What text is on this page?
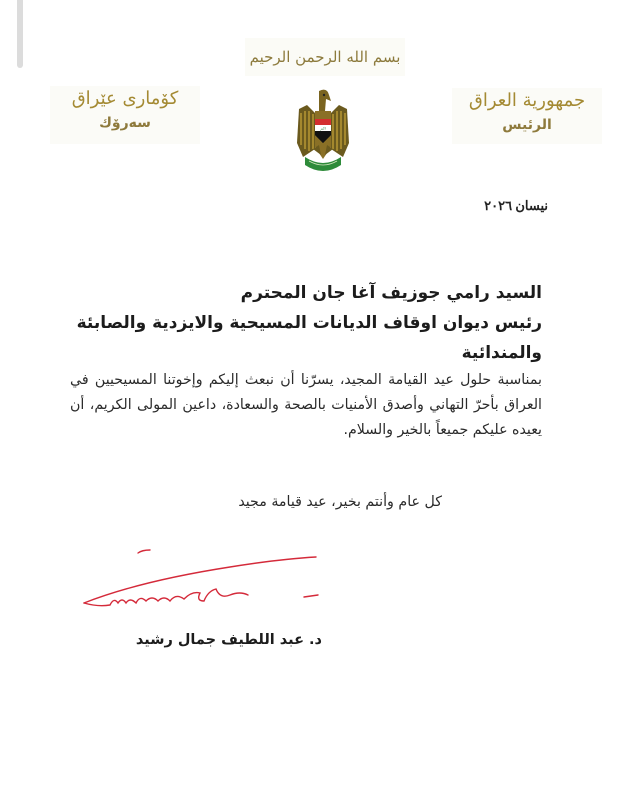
بسم الله الرحمن الرحيم
جمهورية العراق
الرئيس
اكبر
كۆماری عێراق
سەرۆك
نيسان ٢٠٢٦
السيد رامي جوزيف آغا جان المحترم
رئيس ديوان اوقاف الديانات المسيحية والايزدية والصابئة والمندائية
بمناسبة حلول عيد القيامة المجيد، يسرّنا أن نبعث إليكم وإخوتنا المسيحيين في العراق بأحرّ التهاني وأصدق الأمنيات بالصحة والسعادة، داعين المولى الكريم، أن يعيده عليكم جميعاً بالخير والسلام.
كل عام وأنتم بخير، عيد قيامة مجيد
د. عبد اللطيف جمال رشيد
